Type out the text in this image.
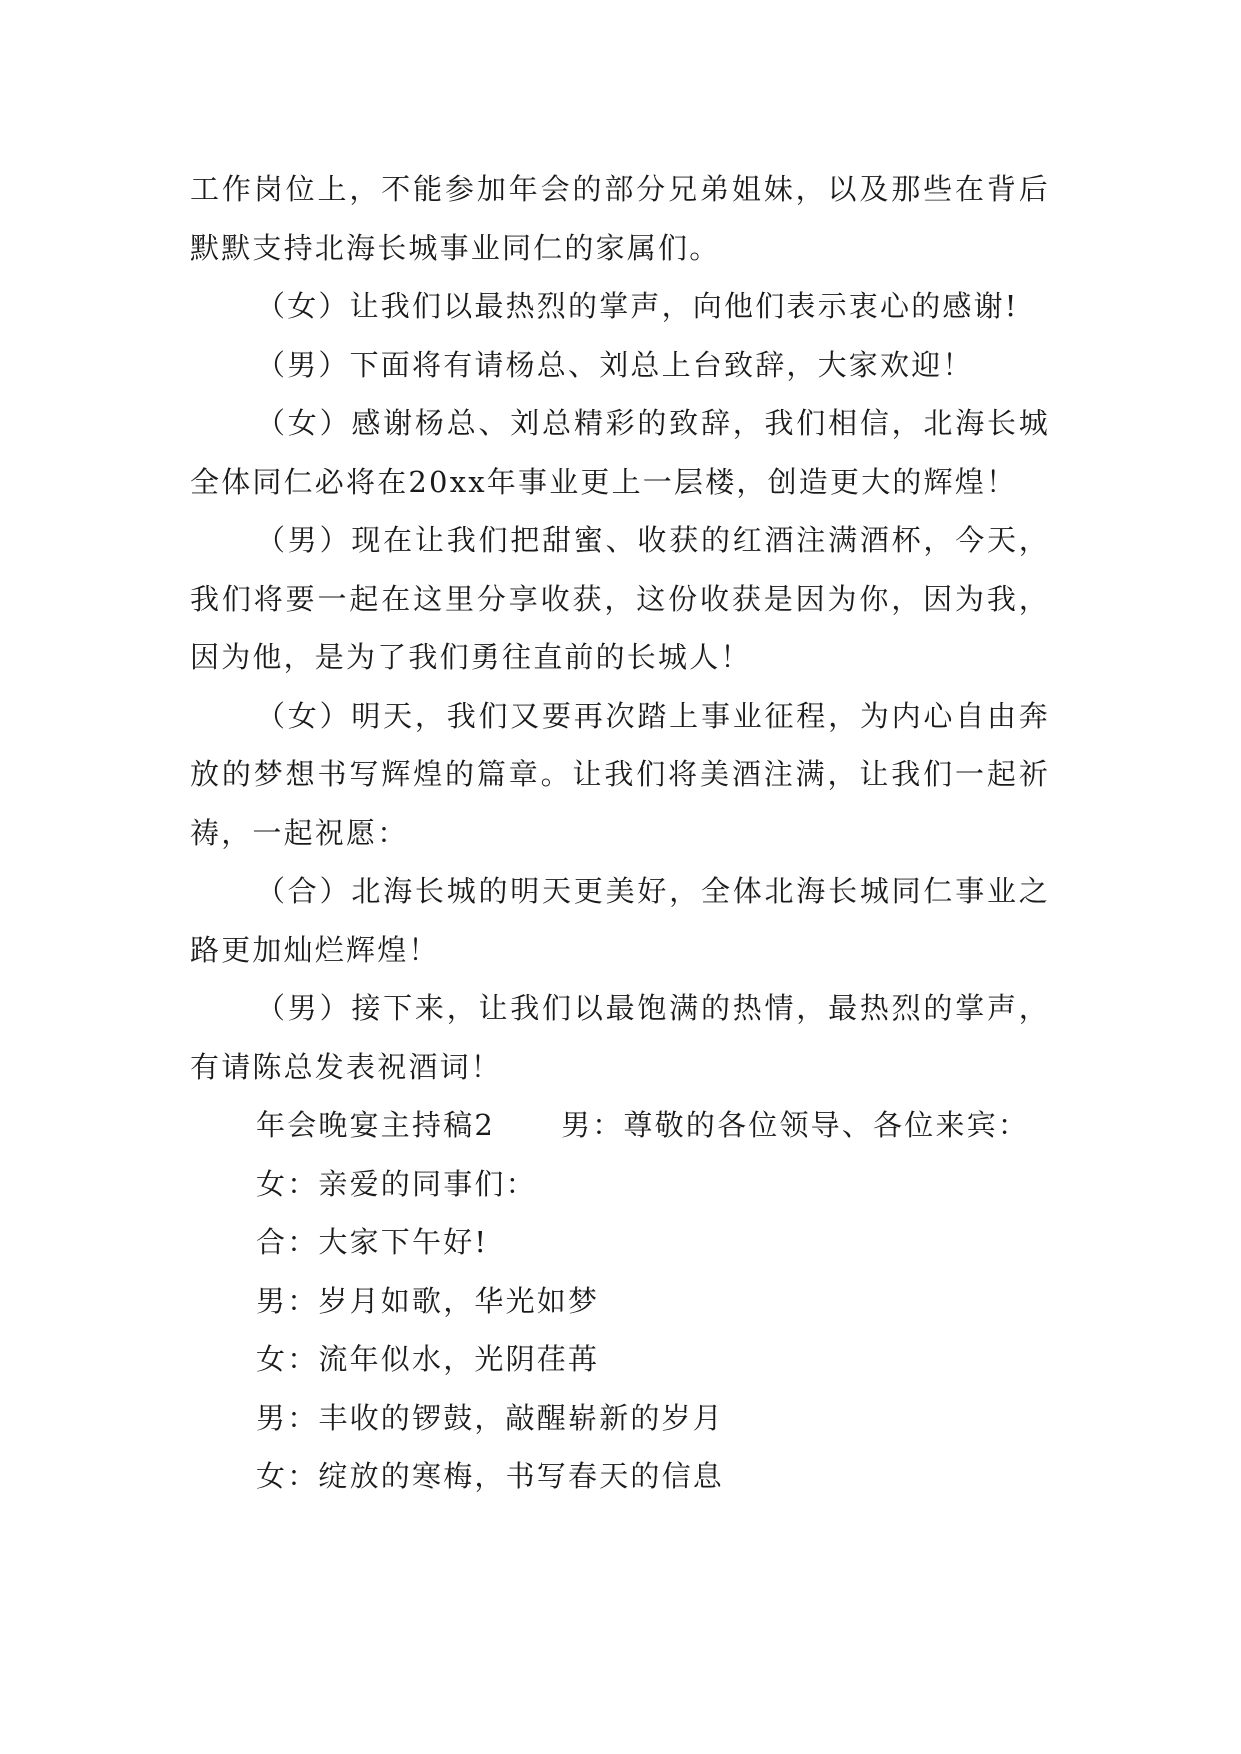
工作岗位上，不能参加年会的部分兄弟姐妹，以及那些在背后默默支持北海长城事业同仁的家属们。

（女）让我们以最热烈的掌声，向他们表示衷心的感谢!

（男）下面将有请杨总、刘总上台致辞，大家欢迎！

（女）感谢杨总、刘总精彩的致辞，我们相信，北海长城全体同仁必将在20xx年事业更上一层楼，创造更大的辉煌！

（男）现在让我们把甜蜜、收获的红酒注满酒杯，今天，我们将要一起在这里分享收获，这份收获是因为你，因为我，因为他，是为了我们勇往直前的长城人！

（女）明天，我们又要再次踏上事业征程，为内心自由奔放的梦想书写辉煌的篇章。让我们将美酒注满，让我们一起祈祷，一起祝愿：

（合）北海长城的明天更美好，全体北海长城同仁事业之路更加灿烂辉煌！

（男）接下来，让我们以最饱满的热情，最热烈的掌声，有请陈总发表祝酒词！

年会晚宴主持稿2 男：尊敬的各位领导、各位来宾：

女：亲爱的同事们：

合：大家下午好!

男：岁月如歌，华光如梦

女：流年似水，光阴荏苒

男：丰收的锣鼓，敲醒崭新的岁月

女：绽放的寒梅，书写春天的信息
